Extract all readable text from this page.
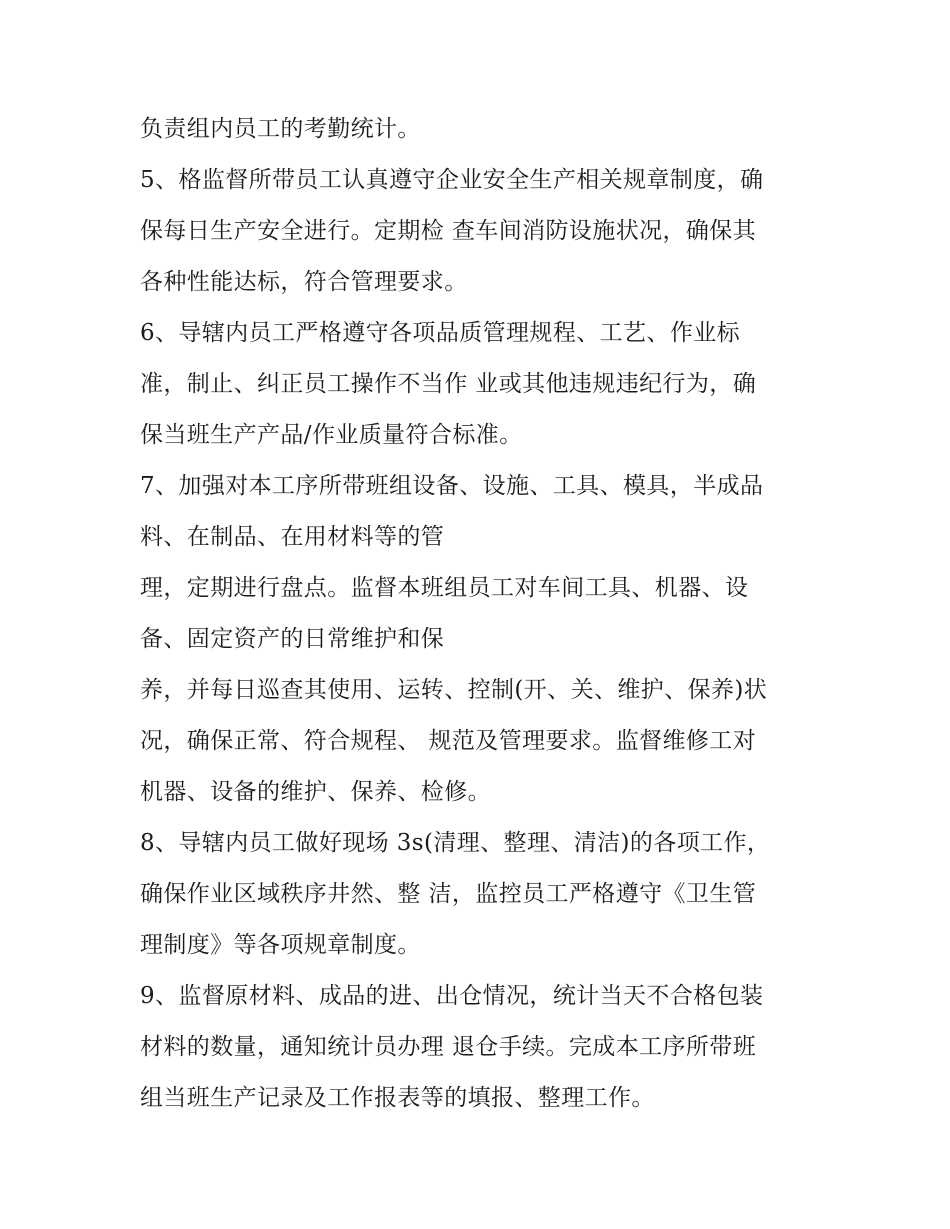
负责组内员工的考勤统计。
5、格监督所带员工认真遵守企业安全生产相关规章制度，确
保每日生产安全进行。定期检 查车间消防设施状况，确保其
各种性能达标，符合管理要求。
6、导辖内员工严格遵守各项品质管理规程、工艺、作业标
准，制止、纠正员工操作不当作 业或其他违规违纪行为，确
保当班生产产品/作业质量符合标准。
7、加强对本工序所带班组设备、设施、工具、模具，半成品
料、在制品、在用材料等的管
理，定期进行盘点。监督本班组员工对车间工具、机器、设
备、固定资产的日常维护和保
养，并每日巡查其使用、运转、控制(开、关、维护、保养)状
况，确保正常、符合规程、 规范及管理要求。监督维修工对
机器、设备的维护、保养、检修。
8、导辖内员工做好现场 3s(清理、整理、清洁)的各项工作，
确保作业区域秩序井然、整 洁，监控员工严格遵守《卫生管
理制度》等各项规章制度。
9、监督原材料、成品的进、出仓情况，统计当天不合格包装
材料的数量，通知统计员办理 退仓手续。完成本工序所带班
组当班生产记录及工作报表等的填报、整理工作。
